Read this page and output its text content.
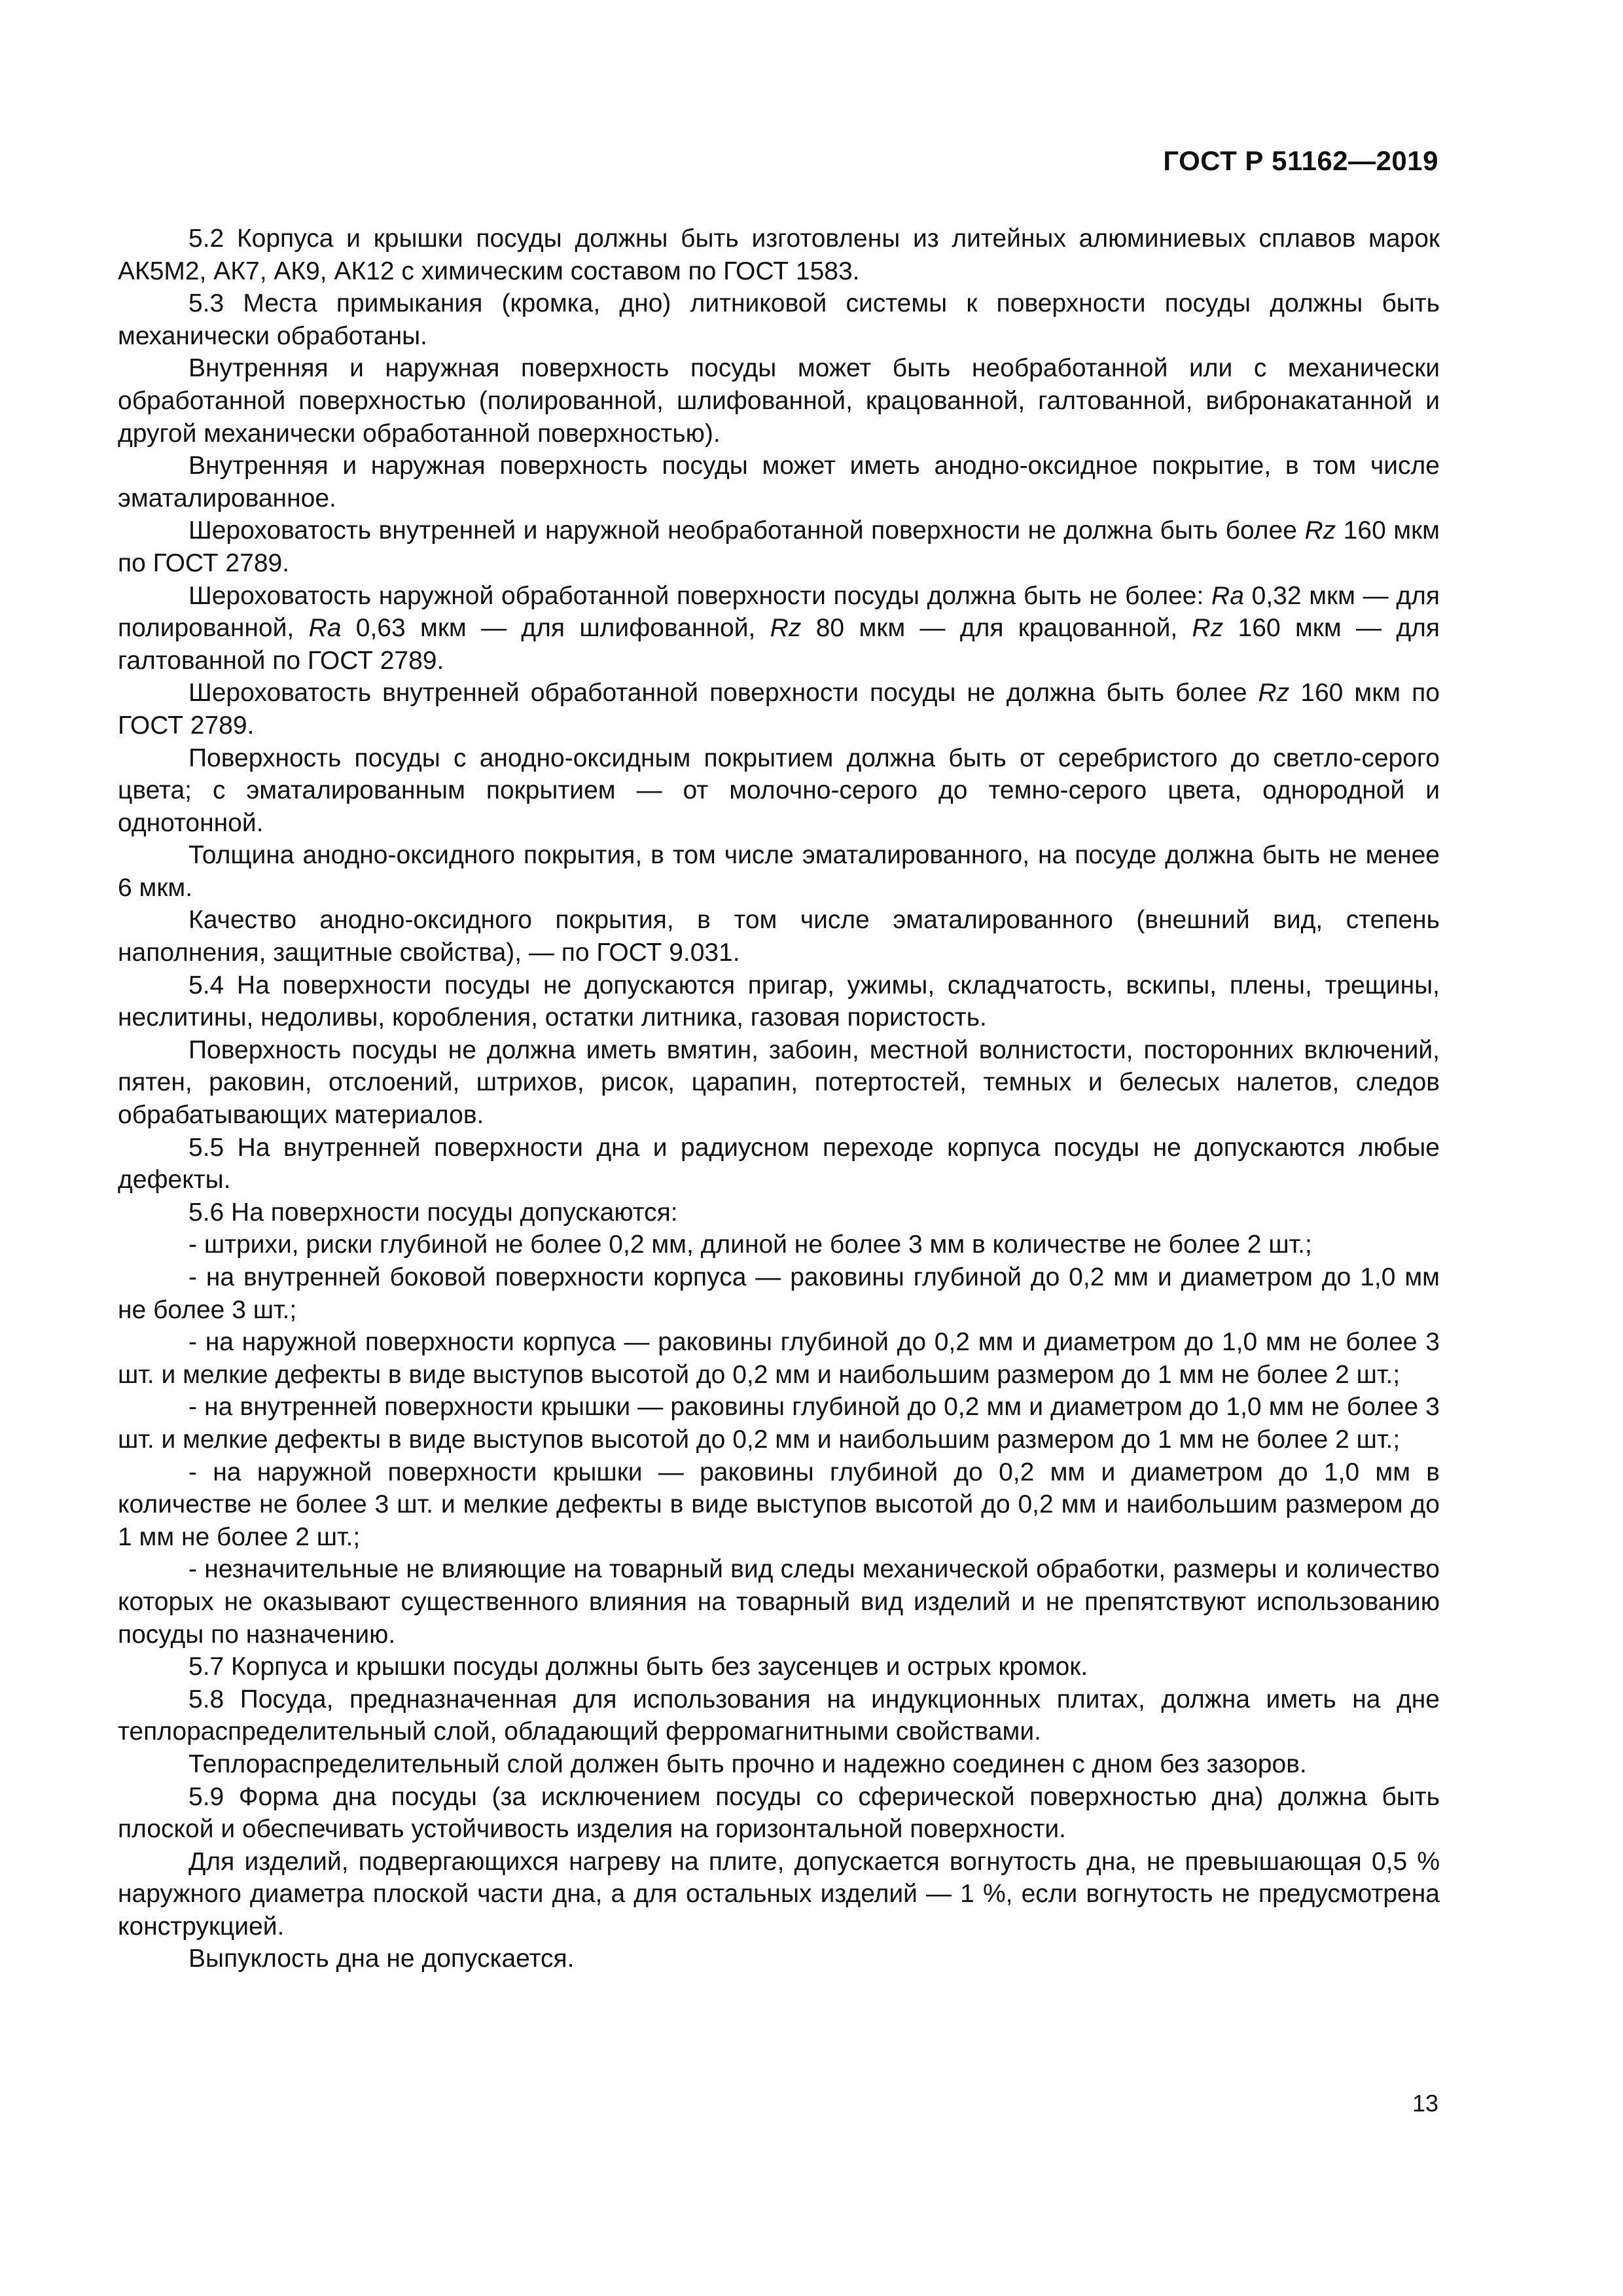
ГОСТ Р 51162—2019

5.2 Корпуса и крышки посуды должны быть изготовлены из литейных алюминиевых сплавов марок АК5М2, АК7, АК9, АК12 с химическим составом по ГОСТ 1583.

5.3 Места примыкания (кромка, дно) литниковой системы к поверхности посуды должны быть механически обработаны.

Внутренняя и наружная поверхность посуды может быть необработанной или с механически обработанной поверхностью (полированной, шлифованной, крацованной, галтованной, вибронакатанной и другой механически обработанной поверхностью).

Внутренняя и наружная поверхность посуды может иметь анодно-оксидное покрытие, в том числе эматалированное.

Шероховатость внутренней и наружной необработанной поверхности не должна быть более Rz 160 мкм по ГОСТ 2789.

Шероховатость наружной обработанной поверхности посуды должна быть не более: Ra 0,32 мкм — для полированной, Ra 0,63 мкм — для шлифованной, Rz 80 мкм — для крацованной, Rz 160 мкм — для галтованной по ГОСТ 2789.

Шероховатость внутренней обработанной поверхности посуды не должна быть более Rz 160 мкм по ГОСТ 2789.

Поверхность посуды с анодно-оксидным покрытием должна быть от серебристого до светло-серого цвета; с эматалированным покрытием — от молочно-серого до темно-серого цвета, однородной и однотонной.

Толщина анодно-оксидного покрытия, в том числе эматалированного, на посуде должна быть не менее 6 мкм.

Качество анодно-оксидного покрытия, в том числе эматалированного (внешний вид, степень наполнения, защитные свойства), — по ГОСТ 9.031.

5.4 На поверхности посуды не допускаются пригар, ужимы, складчатость, вскипы, плены, трещины, неслитины, недоливы, коробления, остатки литника, газовая пористость.

Поверхность посуды не должна иметь вмятин, забоин, местной волнистости, посторонних включений, пятен, раковин, отслоений, штрихов, рисок, царапин, потертостей, темных и белесых налетов, следов обрабатывающих материалов.

5.5 На внутренней поверхности дна и радиусном переходе корпуса посуды не допускаются любые дефекты.

5.6 На поверхности посуды допускаются:

- штрихи, риски глубиной не более 0,2 мм, длиной не более 3 мм в количестве не более 2 шт.;

- на внутренней боковой поверхности корпуса — раковины глубиной до 0,2 мм и диаметром до 1,0 мм не более 3 шт.;

- на наружной поверхности корпуса — раковины глубиной до 0,2 мм и диаметром до 1,0 мм не более 3 шт. и мелкие дефекты в виде выступов высотой до 0,2 мм и наибольшим размером до 1 мм не более 2 шт.;

- на внутренней поверхности крышки — раковины глубиной до 0,2 мм и диаметром до 1,0 мм не более 3 шт. и мелкие дефекты в виде выступов высотой до 0,2 мм и наибольшим размером до 1 мм не более 2 шт.;

- на наружной поверхности крышки — раковины глубиной до 0,2 мм и диаметром до 1,0 мм в количестве не более 3 шт. и мелкие дефекты в виде выступов высотой до 0,2 мм и наибольшим размером до 1 мм не более 2 шт.;

- незначительные не влияющие на товарный вид следы механической обработки, размеры и количество которых не оказывают существенного влияния на товарный вид изделий и не препятствуют использованию посуды по назначению.

5.7 Корпуса и крышки посуды должны быть без заусенцев и острых кромок.

5.8 Посуда, предназначенная для использования на индукционных плитах, должна иметь на дне теплораспределительный слой, обладающий ферромагнитными свойствами.

Теплораспределительный слой должен быть прочно и надежно соединен с дном без зазоров.

5.9 Форма дна посуды (за исключением посуды со сферической поверхностью дна) должна быть плоской и обеспечивать устойчивость изделия на горизонтальной поверхности.

Для изделий, подвергающихся нагреву на плите, допускается вогнутость дна, не превышающая 0,5 % наружного диаметра плоской части дна, а для остальных изделий — 1 %, если вогнутость не предусмотрена конструкцией.

Выпуклость дна не допускается.

13
